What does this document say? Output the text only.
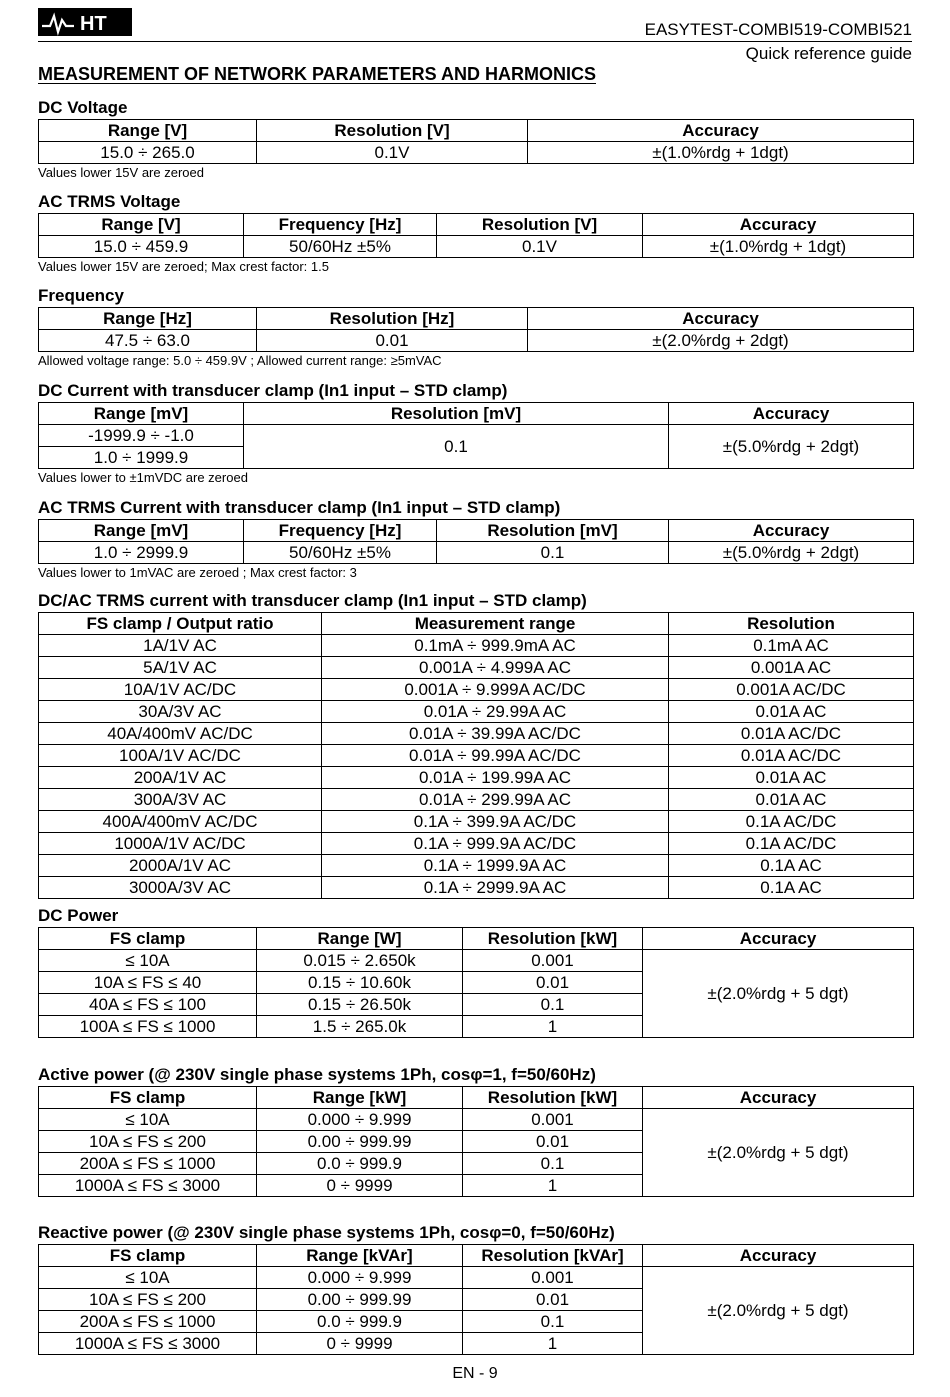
HT	EASYTEST-COMBI519-COMBI521
Quick reference guide
MEASUREMENT OF NETWORK PARAMETERS AND HARMONICS
DC Voltage
Range [V]	Resolution [V]	Accuracy
15.0 ÷ 265.0	0.1V	±(1.0%rdg + 1dgt)
Values lower 15V are zeroed
AC TRMS Voltage
Range [V]	Frequency [Hz]	Resolution [V]	Accuracy
15.0 ÷ 459.9	50/60Hz ±5%	0.1V	±(1.0%rdg + 1dgt)
Values lower 15V are zeroed; Max crest factor: 1.5
Frequency
Range [Hz]	Resolution [Hz]	Accuracy
47.5 ÷ 63.0	0.01	±(2.0%rdg + 2dgt)
Allowed voltage range: 5.0 ÷ 459.9V ; Allowed current range: ≥5mVAC
DC Current with transducer clamp (In1 input – STD clamp)
Range [mV]	Resolution [mV]	Accuracy
-1999.9 ÷ -1.0	0.1	±(5.0%rdg + 2dgt)
1.0 ÷ 1999.9		
Values lower to ±1mVDC are zeroed
AC TRMS Current with transducer clamp (In1 input – STD clamp)
Range [mV]	Frequency [Hz]	Resolution [mV]	Accuracy
1.0 ÷ 2999.9	50/60Hz ±5%	0.1	±(5.0%rdg + 2dgt)
Values lower to 1mVAC are zeroed ; Max crest factor: 3
DC/AC TRMS current with transducer clamp (In1 input – STD clamp)
FS clamp / Output ratio	Measurement range	Resolution
1A/1V AC	0.1mA ÷ 999.9mA AC	0.1mA AC
5A/1V AC	0.001A ÷ 4.999A AC	0.001A AC
10A/1V AC/DC	0.001A ÷ 9.999A AC/DC	0.001A AC/DC
30A/3V AC	0.01A ÷ 29.99A AC	0.01A AC
40A/400mV AC/DC	0.01A ÷ 39.99A AC/DC	0.01A AC/DC
100A/1V AC/DC	0.01A ÷ 99.99A AC/DC	0.01A AC/DC
200A/1V AC	0.01A ÷ 199.99A AC	0.01A AC
300A/3V AC	0.01A ÷ 299.99A AC	0.01A AC
400A/400mV AC/DC	0.1A ÷ 399.9A AC/DC	0.1A AC/DC
1000A/1V AC/DC	0.1A ÷ 999.9A AC/DC	0.1A AC/DC
2000A/1V AC	0.1A ÷ 1999.9A AC	0.1A AC
3000A/3V AC	0.1A ÷ 2999.9A AC	0.1A AC
DC Power
FS clamp	Range [W]	Resolution [kW]	Accuracy
≤ 10A	0.015 ÷ 2.650k	0.001	±(2.0%rdg + 5 dgt)
10A ≤ FS ≤ 40	0.15 ÷ 10.60k	0.01	
40A ≤ FS ≤ 100	0.15 ÷ 26.50k	0.1	
100A ≤ FS ≤ 1000	1.5 ÷ 265.0k	1	
Active power (@ 230V single phase systems 1Ph, cosφ=1, f=50/60Hz)
FS clamp	Range [kW]	Resolution [kW]	Accuracy
≤ 10A	0.000 ÷ 9.999	0.001	±(2.0%rdg + 5 dgt)
10A ≤ FS ≤ 200	0.00 ÷ 999.99	0.01	
200A ≤ FS ≤ 1000	0.0 ÷ 999.9	0.1	
1000A ≤ FS ≤ 3000	0 ÷ 9999	1	
Reactive power (@ 230V single phase systems 1Ph, cosφ=0, f=50/60Hz)
FS clamp	Range [kVAr]	Resolution [kVAr]	Accuracy
≤ 10A	0.000 ÷ 9.999	0.001	±(2.0%rdg + 5 dgt)
10A ≤ FS ≤ 200	0.00 ÷ 999.99	0.01	
200A ≤ FS ≤ 1000	0.0 ÷ 999.9	0.1	
1000A ≤ FS ≤ 3000	0 ÷ 9999	1	
EN - 9
